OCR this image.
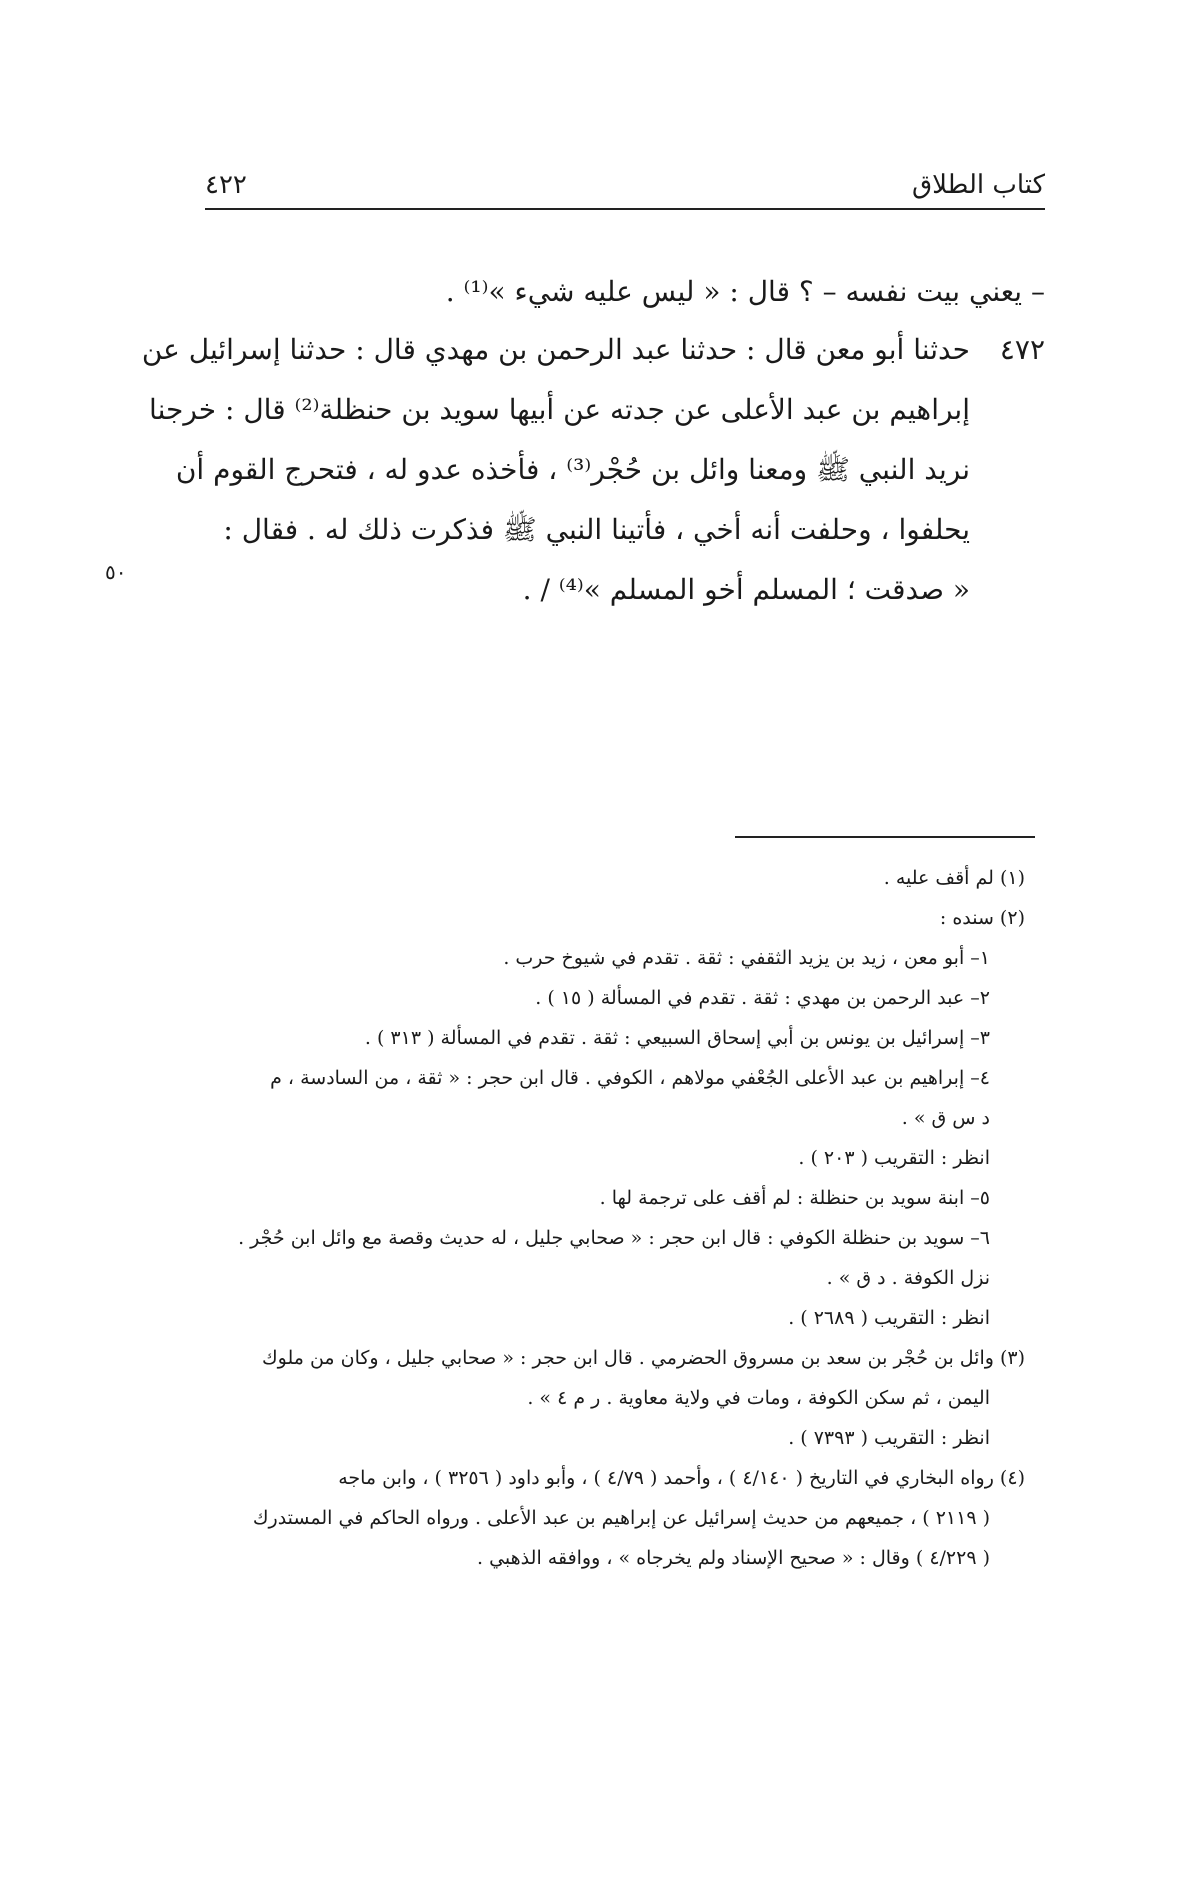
كتاب الطلاق
٤٢٢
– يعني بيت نفسه – ؟ قال : « ليس عليه شيء »⁽¹⁾ .
٤٧٢
حدثنا أبو معن قال : حدثنا عبد الرحمن بن مهدي قال : حدثنا إسرائيل عن
إبراهيم بن عبد الأعلى عن جدته عن أبيها سويد بن حنظلة⁽²⁾ قال : خرجنا
نريد النبي ﷺ ومعنا وائل بن حُجْر⁽³⁾ ، فأخذه عدو له ، فتحرج القوم أن
يحلفوا ، وحلفت أنه أخي ، فأتينا النبي ﷺ فذكرت ذلك له . فقال :
« صدقت ؛ المسلم أخو المسلم »⁽⁴⁾ / .
٥٠
(١) لم أقف عليه .
(٢) سنده :
١– أبو معن ، زيد بن يزيد الثقفي : ثقة . تقدم في شيوخ حرب .
٢– عبد الرحمن بن مهدي : ثقة . تقدم في المسألة ( ١٥ ) .
٣– إسرائيل بن يونس بن أبي إسحاق السبيعي : ثقة . تقدم في المسألة ( ٣١٣ ) .
٤– إبراهيم بن عبد الأعلى الجُعْفي مولاهم ، الكوفي . قال ابن حجر : « ثقة ، من السادسة ، م
د س ق » .
انظر : التقريب ( ٢٠٣ ) .
٥– ابنة سويد بن حنظلة : لم أقف على ترجمة لها .
٦– سويد بن حنظلة الكوفي : قال ابن حجر : « صحابي جليل ، له حديث وقصة مع وائل ابن حُجْر .
نزل الكوفة . د ق » .
انظر : التقريب ( ٢٦٨٩ ) .
(٣) وائل بن حُجْر بن سعد بن مسروق الحضرمي . قال ابن حجر : « صحابي جليل ، وكان من ملوك
اليمن ، ثم سكن الكوفة ، ومات في ولاية معاوية . ر م ٤ » .
انظر : التقريب ( ٧٣٩٣ ) .
(٤) رواه البخاري في التاريخ ( ٤/١٤٠ ) ، وأحمد ( ٤/٧٩ ) ، وأبو داود ( ٣٢٥٦ ) ، وابن ماجه
( ٢١١٩ ) ، جميعهم من حديث إسرائيل عن إبراهيم بن عبد الأعلى . ورواه الحاكم في المستدرك
( ٤/٢٢٩ ) وقال : « صحيح الإسناد ولم يخرجاه » ، ووافقه الذهبي .
